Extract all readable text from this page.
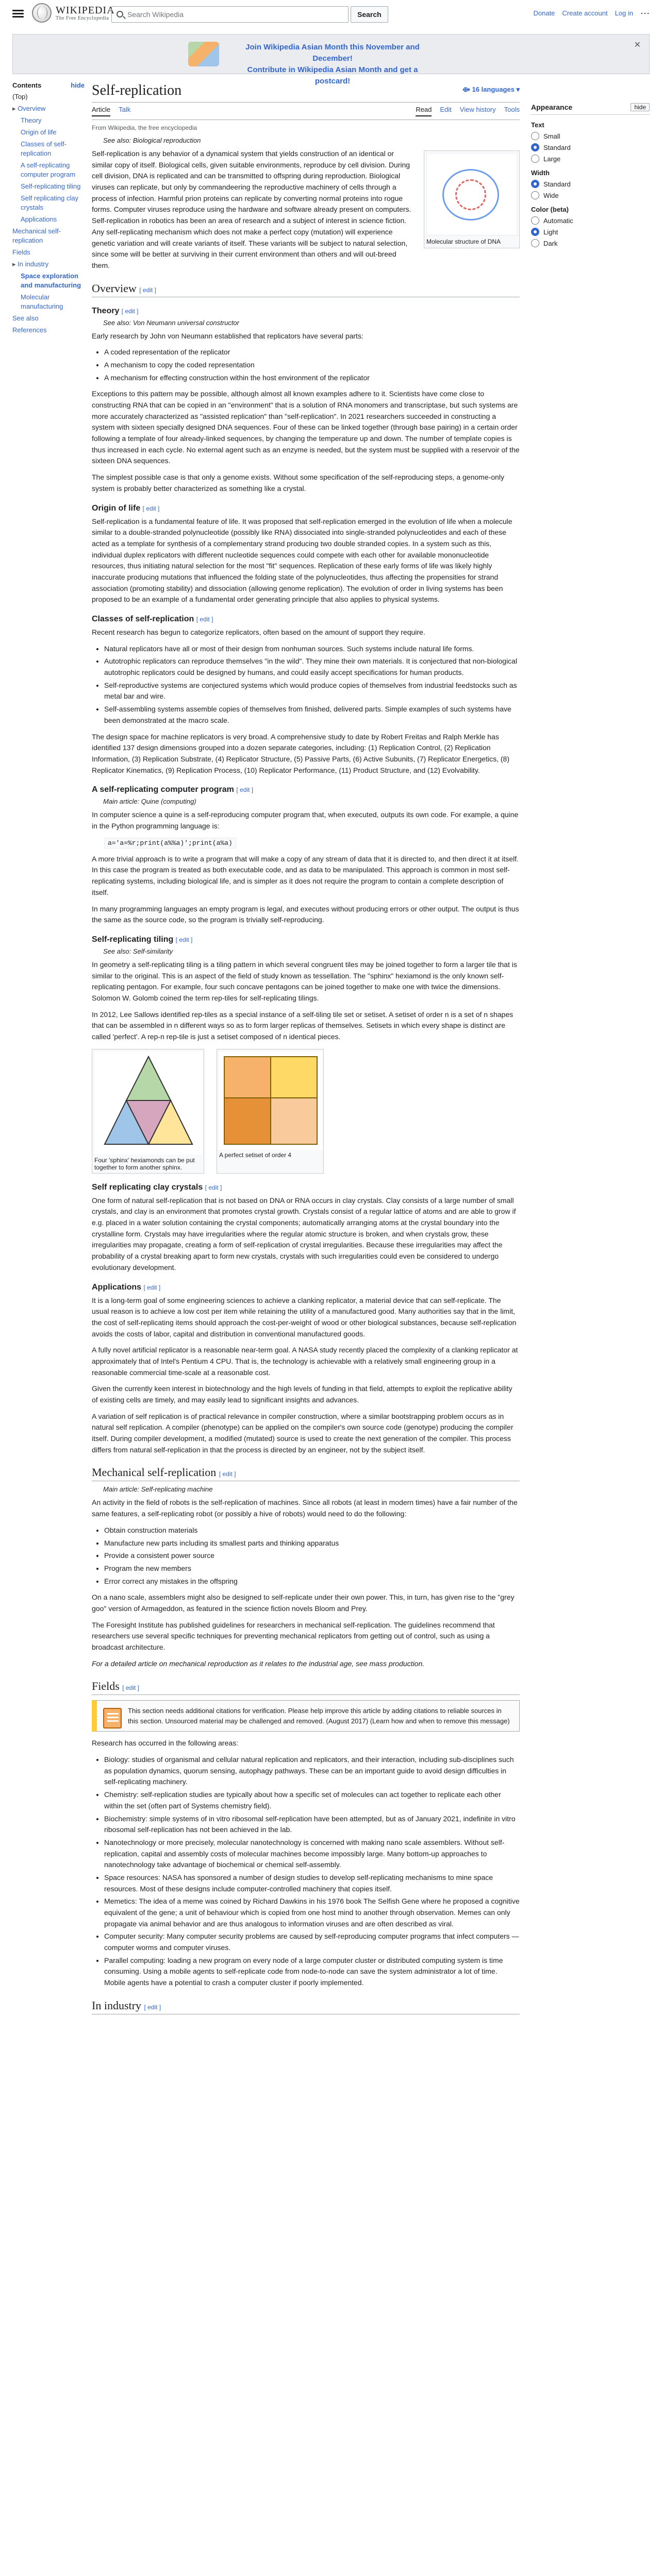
WIKIPEDIA
The Free Encyclopedia	Search Wikipedia	Search	Donate Create account Log in ⋯
Join Wikipedia Asian Month this November and December!
Contribute in Wikipedia Asian Month and get a postcard!
✕
Contents	hide
(Top)
▸ Overview
Theory
Origin of life
Classes of self-replication
A self-replicating computer program
Self-replicating tiling
Self replicating clay crystals
Applications
Mechanical self-replication
Fields
▸ In industry
Space exploration and manufacturing
Molecular manufacturing
See also
References
Self-replication	⟴ 16 languages ▾
Article Talk	Read Edit View history Tools
From Wikipedia, the free encyclopedia
See also: Biological reproduction
Molecular structure of DNA

Self-replication is any behavior of a dynamical system that yields construction of an identical or similar copy of itself. Biological cells, given suitable environments, reproduce by cell division. During cell division, DNA is replicated and can be transmitted to offspring during reproduction. Biological viruses can replicate, but only by commandeering the reproductive machinery of cells through a process of infection. Harmful prion proteins can replicate by converting normal proteins into rogue forms. Computer viruses reproduce using the hardware and software already present on computers. Self-replication in robotics has been an area of research and a subject of interest in science fiction. Any self-replicating mechanism which does not make a perfect copy (mutation) will experience genetic variation and will create variants of itself. These variants will be subject to natural selection, since some will be better at surviving in their current environment than others and will out-breed them.

Overview [ edit ]
Theory [ edit ]
See also: Von Neumann universal constructor

Early research by John von Neumann established that replicators have several parts:

• A coded representation of the replicator
• A mechanism to copy the coded representation
• A mechanism for effecting construction within the host environment of the replicator

Exceptions to this pattern may be possible, although almost all known examples adhere to it. Scientists have come close to constructing RNA that can be copied in an "environment" that is a solution of RNA monomers and transcriptase, but such systems are more accurately characterized as "assisted replication" than "self-replication". In 2021 researchers succeeded in constructing a system with sixteen specially designed DNA sequences. Four of these can be linked together (through base pairing) in a certain order following a template of four already-linked sequences, by changing the temperature up and down. The number of template copies is thus increased in each cycle. No external agent such as an enzyme is needed, but the system must be supplied with a reservoir of the sixteen DNA sequences.

The simplest possible case is that only a genome exists. Without some specification of the self-reproducing steps, a genome-only system is probably better characterized as something like a crystal.

Origin of life [ edit ]

Self-replication is a fundamental feature of life. It was proposed that self-replication emerged in the evolution of life when a molecule similar to a double-stranded polynucleotide (possibly like RNA) dissociated into single-stranded polynucleotides and each of these acted as a template for synthesis of a complementary strand producing two double stranded copies. In a system such as this, individual duplex replicators with different nucleotide sequences could compete with each other for available mononucleotide resources, thus initiating natural selection for the most "fit" sequences. Replication of these early forms of life was likely highly inaccurate producing mutations that influenced the folding state of the polynucleotides, thus affecting the propensities for strand association (promoting stability) and dissociation (allowing genome replication). The evolution of order in living systems has been proposed to be an example of a fundamental order generating principle that also applies to physical systems.

Classes of self-replication [ edit ]

Recent research has begun to categorize replicators, often based on the amount of support they require.

• Natural replicators have all or most of their design from nonhuman sources. Such systems include natural life forms.
• Autotrophic replicators can reproduce themselves "in the wild". They mine their own materials. It is conjectured that non-biological autotrophic replicators could be designed by humans, and could easily accept specifications for human products.
• Self-reproductive systems are conjectured systems which would produce copies of themselves from industrial feedstocks such as metal bar and wire.
• Self-assembling systems assemble copies of themselves from finished, delivered parts. Simple examples of such systems have been demonstrated at the macro scale.

The design space for machine replicators is very broad. A comprehensive study to date by Robert Freitas and Ralph Merkle has identified 137 design dimensions grouped into a dozen separate categories, including: (1) Replication Control, (2) Replication Information, (3) Replication Substrate, (4) Replicator Structure, (5) Passive Parts, (6) Active Subunits, (7) Replicator Energetics, (8) Replicator Kinematics, (9) Replication Process, (10) Replicator Performance, (11) Product Structure, and (12) Evolvability.

A self-replicating computer program [ edit ]
Main article: Quine (computing)

In computer science a quine is a self-reproducing computer program that, when executed, outputs its own code. For example, a quine in the Python programming language is:

a='a=%r;print(a%%a)';print(a%a)

A more trivial approach is to write a program that will make a copy of any stream of data that it is directed to, and then direct it at itself. In this case the program is treated as both executable code, and as data to be manipulated. This approach is common in most self-replicating systems, including biological life, and is simpler as it does not require the program to contain a complete description of itself.

In many programming languages an empty program is legal, and executes without producing errors or other output. The output is thus the same as the source code, so the program is trivially self-reproducing.

Self-replicating tiling [ edit ]
See also: Self-similarity

In geometry a self-replicating tiling is a tiling pattern in which several congruent tiles may be joined together to form a larger tile that is similar to the original. This is an aspect of the field of study known as tessellation. The "sphinx" hexiamond is the only known self-replicating pentagon. For example, four such concave pentagons can be joined together to make one with twice the dimensions. Solomon W. Golomb coined the term rep-tiles for self-replicating tilings.

In 2012, Lee Sallows identified rep-tiles as a special instance of a self-tiling tile set or setiset. A setiset of order n is a set of n shapes that can be assembled in n different ways so as to form larger replicas of themselves. Setisets in which every shape is distinct are called 'perfect'. A rep-n rep-tile is just a setiset composed of n identical pieces.

Four 'sphinx' hexiamonds can be put together to form another sphinx.
A perfect setiset of order 4
Self replicating clay crystals [ edit ]

One form of natural self-replication that is not based on DNA or RNA occurs in clay crystals. Clay consists of a large number of small crystals, and clay is an environment that promotes crystal growth. Crystals consist of a regular lattice of atoms and are able to grow if e.g. placed in a water solution containing the crystal components; automatically arranging atoms at the crystal boundary into the crystalline form. Crystals may have irregularities where the regular atomic structure is broken, and when crystals grow, these irregularities may propagate, creating a form of self-replication of crystal irregularities. Because these irregularities may affect the probability of a crystal breaking apart to form new crystals, crystals with such irregularities could even be considered to undergo evolutionary development.

Applications [ edit ]

It is a long-term goal of some engineering sciences to achieve a clanking replicator, a material device that can self-replicate. The usual reason is to achieve a low cost per item while retaining the utility of a manufactured good. Many authorities say that in the limit, the cost of self-replicating items should approach the cost-per-weight of wood or other biological substances, because self-replication avoids the costs of labor, capital and distribution in conventional manufactured goods.

A fully novel artificial replicator is a reasonable near-term goal. A NASA study recently placed the complexity of a clanking replicator at approximately that of Intel's Pentium 4 CPU. That is, the technology is achievable with a relatively small engineering group in a reasonable commercial time-scale at a reasonable cost.

Given the currently keen interest in biotechnology and the high levels of funding in that field, attempts to exploit the replicative ability of existing cells are timely, and may easily lead to significant insights and advances.

A variation of self replication is of practical relevance in compiler construction, where a similar bootstrapping problem occurs as in natural self replication. A compiler (phenotype) can be applied on the compiler's own source code (genotype) producing the compiler itself. During compiler development, a modified (mutated) source is used to create the next generation of the compiler. This process differs from natural self-replication in that the process is directed by an engineer, not by the subject itself.

Mechanical self-replication [ edit ]
Main article: Self-replicating machine

An activity in the field of robots is the self-replication of machines. Since all robots (at least in modern times) have a fair number of the same features, a self-replicating robot (or possibly a hive of robots) would need to do the following:

• Obtain construction materials
• Manufacture new parts including its smallest parts and thinking apparatus
• Provide a consistent power source
• Program the new members
• Error correct any mistakes in the offspring

On a nano scale, assemblers might also be designed to self-replicate under their own power. This, in turn, has given rise to the "grey goo" version of Armageddon, as featured in the science fiction novels Bloom and Prey.

The Foresight Institute has published guidelines for researchers in mechanical self-replication. The guidelines recommend that researchers use several specific techniques for preventing mechanical replicators from getting out of control, such as using a broadcast architecture.

For a detailed article on mechanical reproduction as it relates to the industrial age, see mass production.

Fields [ edit ]
This section needs additional citations for verification. Please help improve this article by adding citations to reliable sources in this section. Unsourced material may be challenged and removed. (August 2017) (Learn how and when to remove this message)

Research has occurred in the following areas:

• Biology: studies of organismal and cellular natural replication and replicators, and their interaction, including sub-disciplines such as population dynamics, quorum sensing, autophagy pathways. These can be an important guide to avoid design difficulties in self-replicating machinery.
• Chemistry: self-replication studies are typically about how a specific set of molecules can act together to replicate each other within the set (often part of Systems chemistry field).
• Biochemistry: simple systems of in vitro ribosomal self-replication have been attempted, but as of January 2021, indefinite in vitro ribosomal self-replication has not been achieved in the lab.
• Nanotechnology or more precisely, molecular nanotechnology is concerned with making nano scale assemblers. Without self-replication, capital and assembly costs of molecular machines become impossibly large. Many bottom-up approaches to nanotechnology take advantage of biochemical or chemical self-assembly.
• Space resources: NASA has sponsored a number of design studies to develop self-replicating mechanisms to mine space resources. Most of these designs include computer-controlled machinery that copies itself.
• Memetics: The idea of a meme was coined by Richard Dawkins in his 1976 book The Selfish Gene where he proposed a cognitive equivalent of the gene; a unit of behaviour which is copied from one host mind to another through observation. Memes can only propagate via animal behavior and are thus analogous to information viruses and are often described as viral.
• Computer security: Many computer security problems are caused by self-reproducing computer programs that infect computers — computer worms and computer viruses.
• Parallel computing: loading a new program on every node of a large computer cluster or distributed computing system is time consuming. Using a mobile agents to self-replicate code from node-to-node can save the system administrator a lot of time. Mobile agents have a potential to crash a computer cluster if poorly implemented.
In industry [ edit ]
Appearance	hide
Text
Small
Standard
Large
Width
Standard
Wide
Color (beta)
Automatic
Light
Dark
